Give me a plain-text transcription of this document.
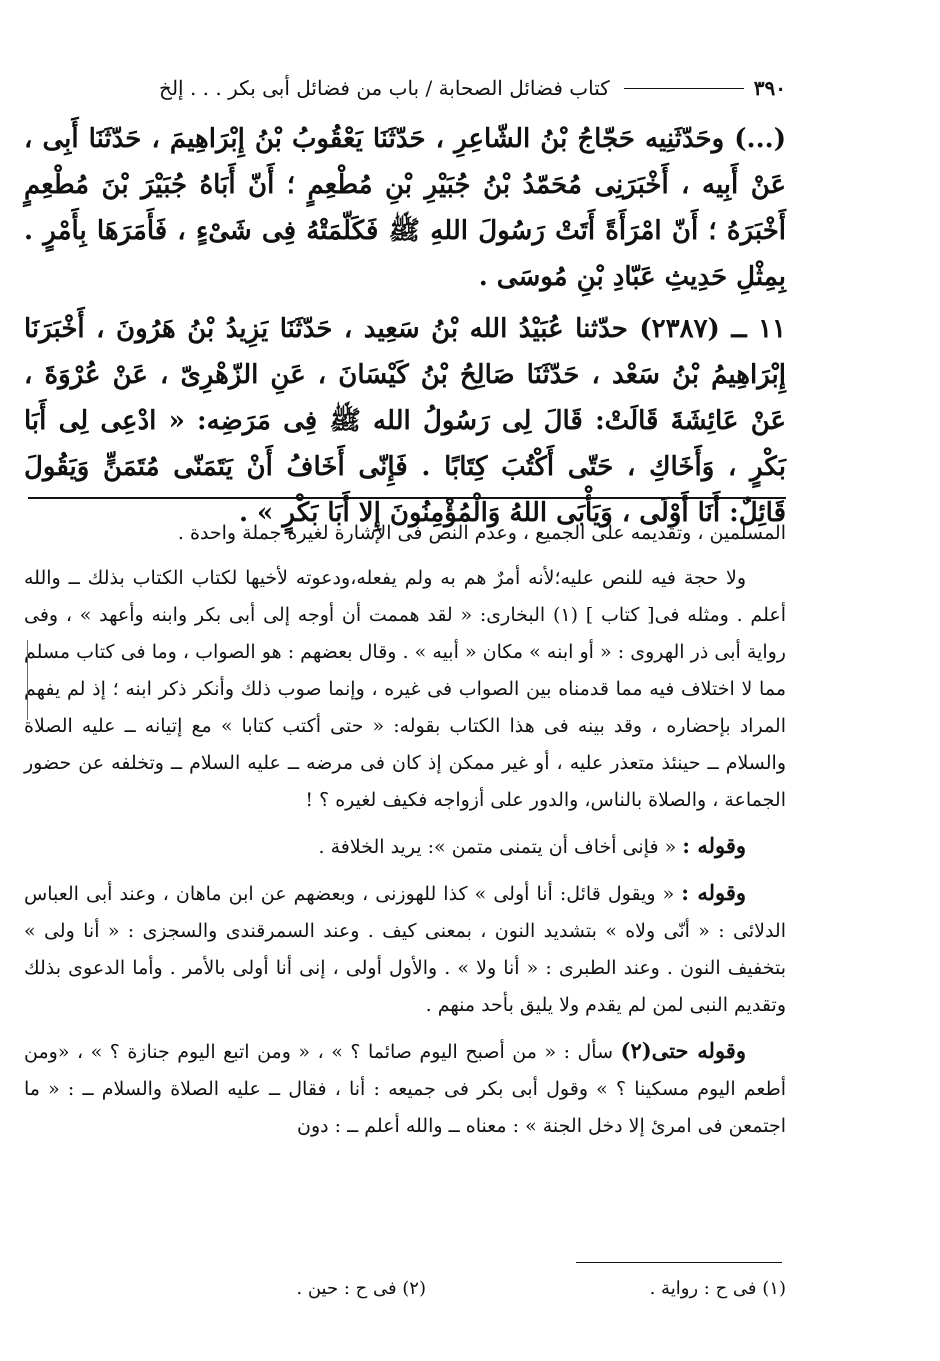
٣٩٠
كتاب فضائل الصحابة / باب من فضائل أبى بكر . . . إلخ

(...) وحَدّثَنِيه حَجّاجُ بْنُ الشّاعِرِ ، حَدّثَنَا يَعْقُوبُ بْنُ إِبْرَاهِيمَ ، حَدّثَنَا أَبِى ، عَنْ أَبِيه ، أَخْبَرَنِى مُحَمّدُ بْنُ جُبَيْرِ بْنِ مُطْعِمٍ ؛ أَنّ أَبَاهُ جُبَيْرَ بْنَ مُطْعِمٍ أَخْبَرَهُ ؛ أَنّ امْرَأَةً أَتَتْ رَسُولَ اللهِ ﷺ فَكَلّمَتْهُ فِى شَىْءٍ ، فَأَمَرَهَا بِأَمْرٍ . بِمِثْلِ حَدِيثِ عَبّادِ بْنِ مُوسَى .

١١ ــ (٢٣٨٧) حدّثنا عُبَيْدُ الله بْنُ سَعِيد ، حَدّثَنَا يَزِيدُ بْنُ هَرُونَ ، أَخْبَرَنَا إِبْرَاهِيمُ بْنُ سَعْد ، حَدّثَنَا صَالِحُ بْنُ كَيْسَانَ ، عَنِ الزّهْرِىّ ، عَنْ عُرْوَةَ ، عَنْ عَائِشَةَ قَالَتْ: قَالَ لِى رَسُولُ الله ﷺ فِى مَرَضِه: « ادْعِى لِى أَبَا بَكْرٍ ، وَأَخَاكِ ، حَتّى أَكْتُبَ كِتَابًا . فَإِنّى أَخَافُ أَنْ يَتَمَنّى مُتَمَنٍّ وَيَقُولَ قَائِلٌ: أَنَا أَوْلَى ، وَيَأْبَى اللهُ وَالْمُؤْمِنُونَ إِلا أَبَا بَكْرٍ » .

المسلمين ، وتقديمه على الجميع ، وعدم النص فى الإشارة لغيره جملة واحدة .

ولا حجة فيه للنص عليه؛لأنه أمرٌ هم به ولم يفعله،ودعوته لأخيها لكتاب الكتاب بذلك ــ والله أعلم . ومثله فى[ كتاب ] (١) البخارى: « لقد هممت أن أوجه إلى أبى بكر وابنه وأعهد » ، وفى رواية أبى ذر الهروى : « أو ابنه » مكان « أبيه » . وقال بعضهم : هو الصواب ، وما فى كتاب مسلم مما لا اختلاف فيه مما قدمناه بين الصواب فى غيره ، وإنما صوب ذلك وأنكر ذكر ابنه ؛ إذ لم يفهم المراد بإحضاره ، وقد بينه فى هذا الكتاب بقوله: « حتى أكتب كتابا » مع إتيانه ــ عليه الصلاة والسلام ــ حينئذ متعذر عليه ، أو غير ممكن إذ كان فى مرضه ــ عليه السلام ــ وتخلفه عن حضور الجماعة ، والصلاة بالناس، والدور على أزواجه فكيف لغيره ؟ !

وقوله : « فإنى أخاف أن يتمنى متمن »: يريد الخلافة .

وقوله : « ويقول قائل: أنا أولى » كذا للهوزنى ، وبعضهم عن ابن ماهان ، وعند أبى العباس الدلائى : « أنّى ولاه » بتشديد النون ، بمعنى كيف . وعند السمرقندى والسجزى : « أنا ولى » بتخفيف النون . وعند الطبرى : « أنا ولا » . والأول أولى ، إنى أنا أولى بالأمر . وأما الدعوى بذلك وتقديم النبى لمن لم يقدم ولا يليق بأحد منهم .

وقوله حتى(٢) سأل : « من أصبح اليوم صائما ؟ » ، « ومن اتبع اليوم جنازة ؟ » ، «ومن أطعم اليوم مسكينا ؟ » وقول أبى بكر فى جميعه : أنا ، فقال ــ عليه الصلاة والسلام ــ : « ما اجتمعن فى امرئ إلا دخل الجنة » : معناه ــ والله أعلم ــ : دون

(١) فى ح : رواية .
(٢) فى ح : حين .
